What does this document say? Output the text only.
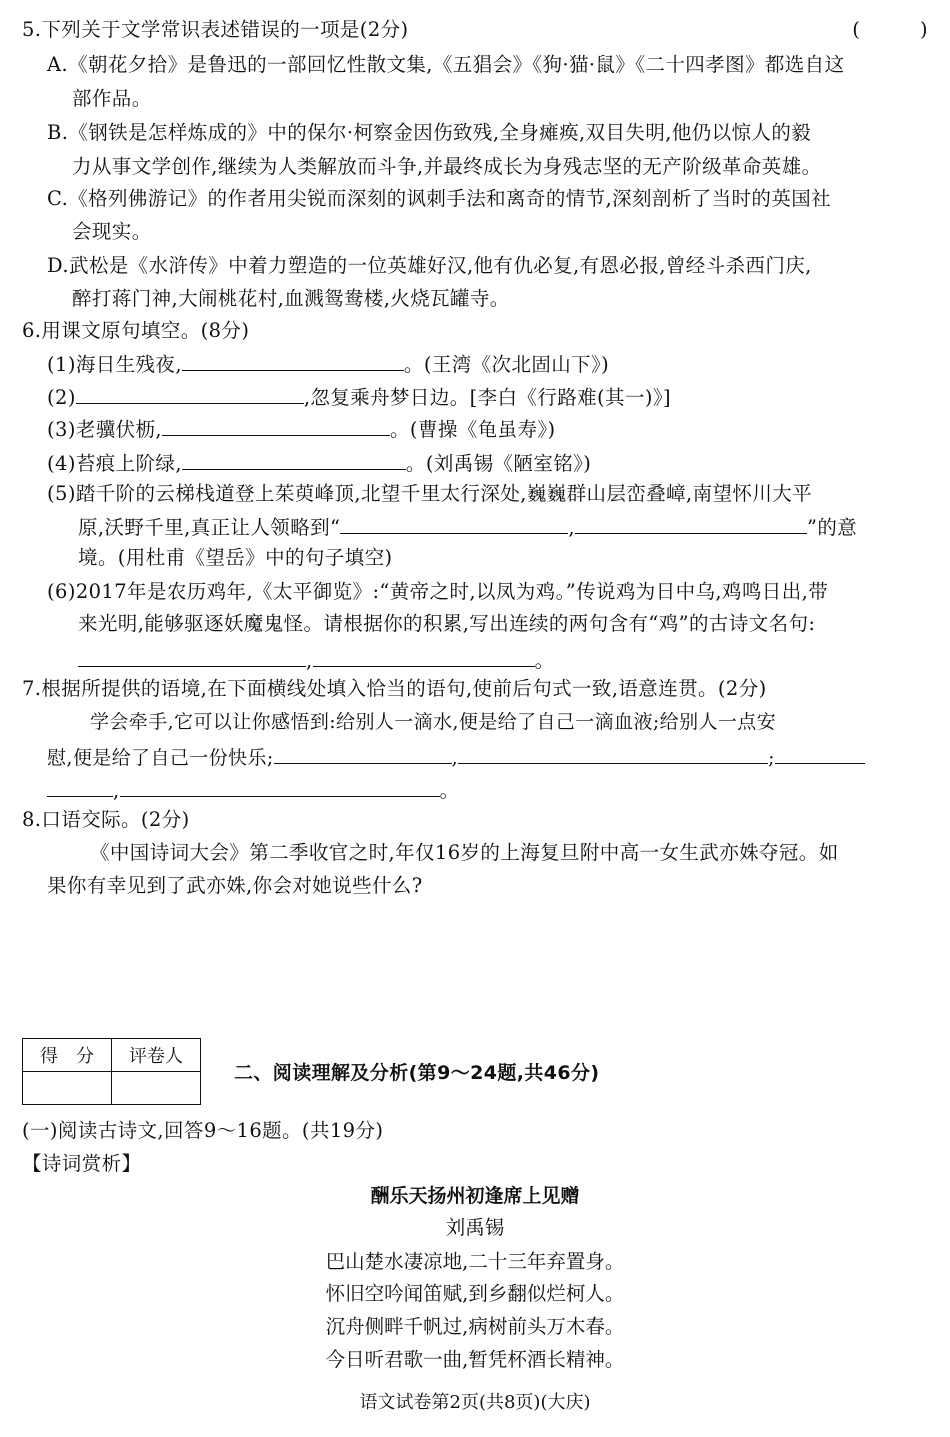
5.下列关于文学常识表述错误的一项是(2分)	(　　　)
A.《朝花夕拾》是鲁迅的一部回忆性散文集,《五猖会》《狗·猫·鼠》《二十四孝图》都选自这
部作品。
B.《钢铁是怎样炼成的》中的保尔·柯察金因伤致残,全身瘫痪,双目失明,他仍以惊人的毅
力从事文学创作,继续为人类解放而斗争,并最终成长为身残志坚的无产阶级革命英雄。
C.《格列佛游记》的作者用尖锐而深刻的讽刺手法和离奇的情节,深刻剖析了当时的英国社
会现实。
D.武松是《水浒传》中着力塑造的一位英雄好汉,他有仇必复,有恩必报,曾经斗杀西门庆,
醉打蒋门神,大闹桃花村,血溅鸳鸯楼,火烧瓦罐寺。
6.用课文原句填空。(8分)
(1)海日生残夜,	。(王湾《次北固山下》)
(2)	,忽复乘舟梦日边。[李白《行路难(其一)》]
(3)老骥伏枥,	。(曹操《龟虽寿》)
(4)苔痕上阶绿,	。(刘禹锡《陋室铭》)
(5)踏千阶的云梯栈道登上茱萸峰顶,北望千里太行深处,巍巍群山层峦叠嶂,南望怀川大平
原,沃野千里,真正让人领略到“	,	”的意
境。(用杜甫《望岳》中的句子填空)
(6)2017年是农历鸡年,《太平御览》:“黄帝之时,以凤为鸡。”传说鸡为日中乌,鸡鸣日出,带
来光明,能够驱逐妖魔鬼怪。请根据你的积累,写出连续的两句含有“鸡”的古诗文名句:
,	。
7.根据所提供的语境,在下面横线处填入恰当的语句,使前后句式一致,语意连贯。(2分)
学会牵手,它可以让你感悟到:给别人一滴水,便是给了自己一滴血液;给别人一点安
慰,便是给了自己一份快乐;	,	;
,	。
8.口语交际。(2分)
《中国诗词大会》第二季收官之时,年仅16岁的上海复旦附中高一女生武亦姝夺冠。如
果你有幸见到了武亦姝,你会对她说些什么?
得　分	评卷人

二、阅读理解及分析(第9～24题,共46分)
(一)阅读古诗文,回答9～16题。(共19分)
【诗词赏析】
酬乐天扬州初逢席上见赠
刘禹锡
巴山楚水凄凉地,二十三年弃置身。
怀旧空吟闻笛赋,到乡翻似烂柯人。
沉舟侧畔千帆过,病树前头万木春。
今日听君歌一曲,暂凭杯酒长精神。
语文试卷第2页(共8页)(大庆)
